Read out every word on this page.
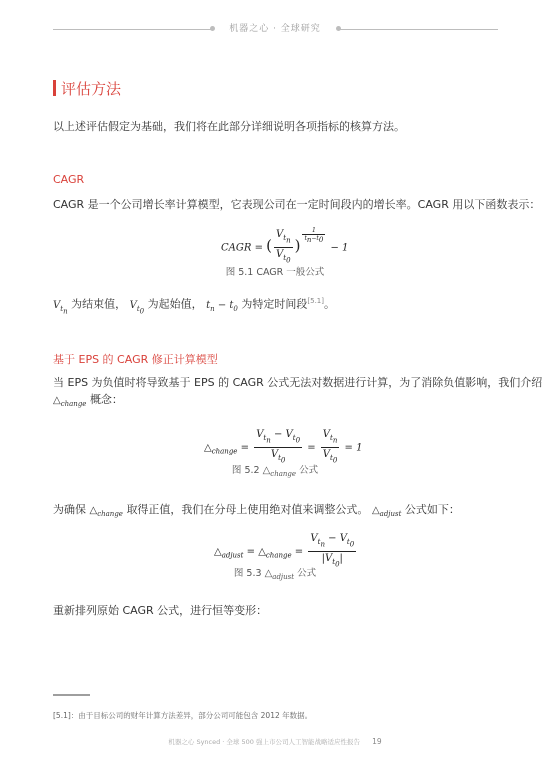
机器之心 · 全球研究
评估方法
以上述评估假定为基础，我们将在此部分详细说明各项指标的核算方法。
CAGR
CAGR 是一个公司增长率计算模型，它表现公司在一定时间段内的增长率。CAGR 用以下函数表示：
CAGR = ( $\frac{V_{t_n}}{V_{t_0}}$ )
$^{\frac{1}{t_n-t_0}}$
− 1
图 5.1 CAGR 一般公式
$V_{t_n}$ 为结束值， $V_{t_0}$ 为起始值， $t_n - t_0$ 为特定时间段[5.1]。
基于 EPS 的 CAGR 修正计算模型
当 EPS 为负值时将导致基于 EPS 的 CAGR 公式无法对数据进行计算，为了消除负值影响，我们介绍
$\triangle_{change}$ 概念：
$\triangle_{change} = \frac{V_{t_n} - V_{t_0}}{V_{t_0}} = \frac{V_{t_n}}{V_{t_0}} = 1$
图 5.2 $\triangle_{change}$ 公式
为确保 $\triangle_{change}$ 取得正值，我们在分母上使用绝对值来调整公式。 $\triangle_{adjust}$ 公式如下：
$\triangle_{adjust}$ = $\triangle_{change} = \frac{V_{t_n} - V_{t_0}}{|V_{t_0}|}$
图 5.3 $\triangle_{adjust}$ 公式
重新排列原始 CAGR 公式，进行恒等变形：
[5.1]：由于目标公司的财年计算方法差异，部分公司可能包含 2012 年数据。
机器之心 Synced · 全球 500 强上市公司人工智能战略适应性报告 19
